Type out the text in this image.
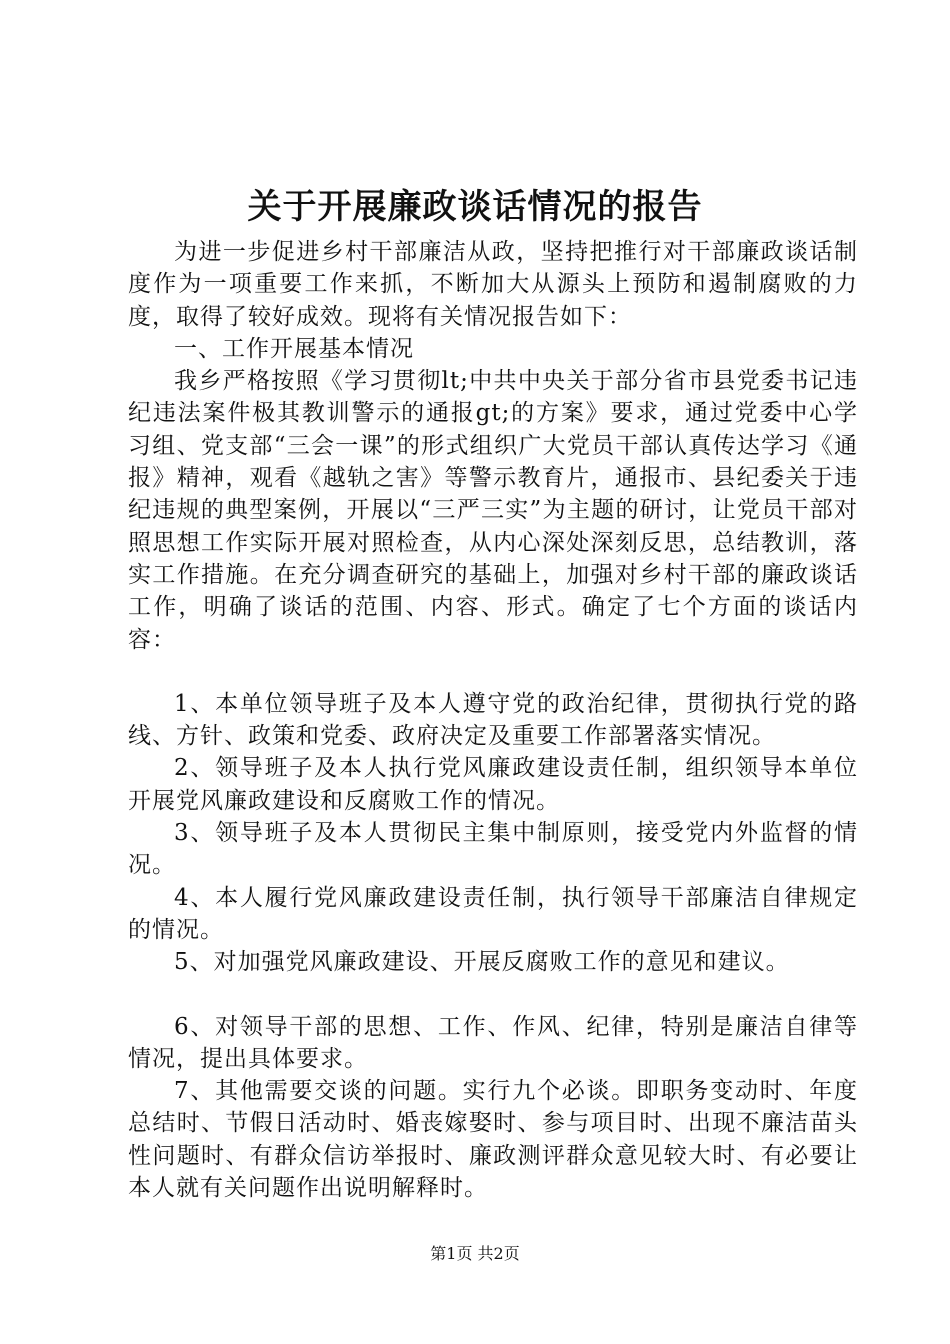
关于开展廉政谈话情况的报告

为进一步促进乡村干部廉洁从政，坚持把推行对干部廉政谈话制度作为一项重要工作来抓，不断加大从源头上预防和遏制腐败的力度，取得了较好成效。现将有关情况报告如下：

一、工作开展基本情况

我乡严格按照《学习贯彻lt;中共中央关于部分省市县党委书记违纪违法案件极其教训警示的通报gt;的方案》要求，通过党委中心学习组、党支部“三会一课”的形式组织广大党员干部认真传达学习《通报》精神，观看《越轨之害》等警示教育片，通报市、县纪委关于违纪违规的典型案例，开展以“三严三实”为主题的研讨，让党员干部对照思想工作实际开展对照检查，从内心深处深刻反思，总结教训，落实工作措施。在充分调查研究的基础上，加强对乡村干部的廉政谈话工作，明确了谈话的范围、内容、形式。确定了七个方面的谈话内容：

1、本单位领导班子及本人遵守党的政治纪律，贯彻执行党的路线、方针、政策和党委、政府决定及重要工作部署落实情况。

2、领导班子及本人执行党风廉政建设责任制，组织领导本单位开展党风廉政建设和反腐败工作的情况。

3、领导班子及本人贯彻民主集中制原则，接受党内外监督的情况。

4、本人履行党风廉政建设责任制，执行领导干部廉洁自律规定的情况。

5、对加强党风廉政建设、开展反腐败工作的意见和建议。

6、对领导干部的思想、工作、作风、纪律，特别是廉洁自律等情况，提出具体要求。

7、其他需要交谈的问题。实行九个必谈。即职务变动时、年度总结时、节假日活动时、婚丧嫁娶时、参与项目时、出现不廉洁苗头性问题时、有群众信访举报时、廉政测评群众意见较大时、有必要让本人就有关问题作出说明解释时。

第1页 共2页
